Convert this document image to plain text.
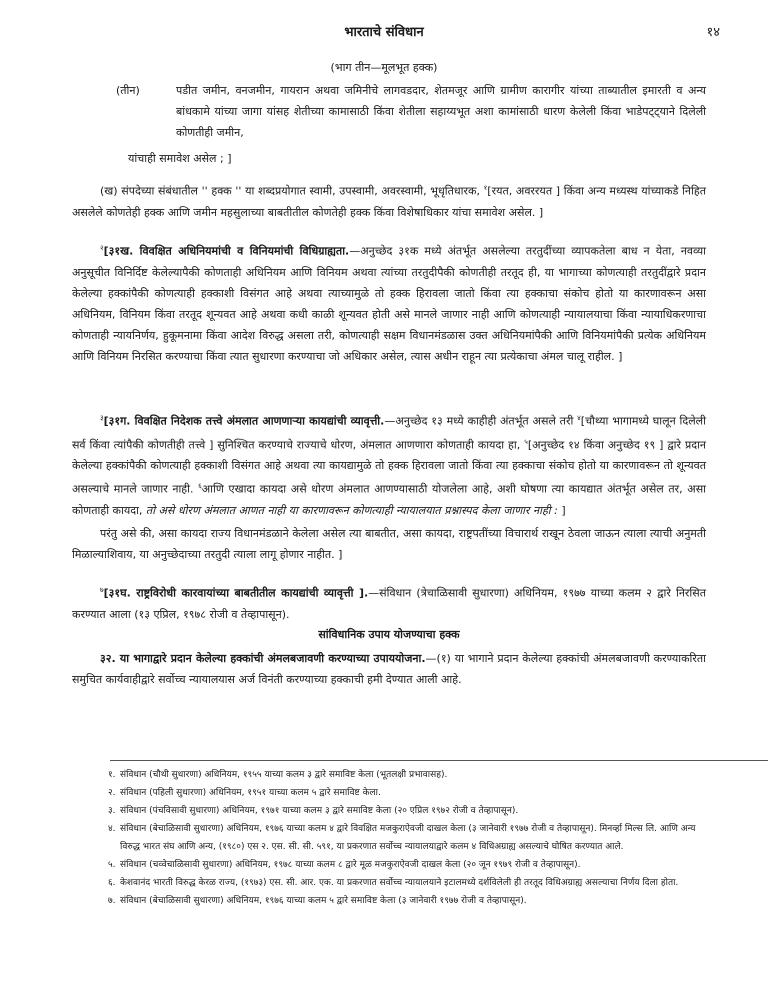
भारताचे संविधान	१४
(भाग तीन—मूलभूत हक्क)
(तीन)	पडीत जमीन, वनजमीन, गायरान अथवा जमिनीचे लागवडदार, शेतमजूर आणि ग्रामीण कारागीर यांच्या ताब्यातील इमारती व अन्य बांधकामे यांच्या जागा यांसह शेतीच्या कामासाठी किंवा शेतीला सहाय्यभूत अशा कामांसाठी धारण केलेली किंवा भाडेपट्ट्याने दिलेली कोणतीही जमीन,

यांचाही समावेश असेल ; ]

(ख) संपदेच्या संबंधातील '' हक्क '' या शब्दप्रयोगात स्वामी, उपस्वामी, अवरस्वामी, भूधृतिधारक, $^१$[रयत, अवररयत ] किंवा अन्य मध्यस्थ यांच्याकडे निहित असलेले कोणतेही हक्क आणि जमीन महसुलाच्या बाबतीतील कोणतेही हक्क किंवा विशेषाधिकार यांचा समावेश असेल. ]

$^२$[३१ख. विवक्षित अधिनियमांची व विनियमांची विधिग्राह्यता.—अनुच्छेद ३१क मध्ये अंतर्भूत असलेल्या तरतुदींच्या व्यापकतेला बाध न येता, नवव्या अनुसूचीत विनिर्दिष्ट केलेल्यापैकी कोणताही अधिनियम आणि विनियम अथवा त्यांच्या तरतुदीपैकी कोणतीही तरतूद ही, या भागाच्या कोणत्याही तरतुदींद्वारे प्रदान केलेल्या हक्कांपैकी कोणत्याही हक्काशी विसंगत आहे अथवा त्याच्यामुळे तो हक्क हिरावला जातो किंवा त्या हक्काचा संकोच होतो या कारणावरून असा अधिनियम, विनियम किंवा तरतूद शून्यवत आहे अथवा कधी काळी शून्यवत होती असे मानले जाणार नाही आणि कोणत्याही न्यायालयाचा किंवा न्यायाधिकरणाचा कोणताही न्यायनिर्णय, हुकूमनामा किंवा आदेश विरुद्ध असला तरी, कोणत्याही सक्षम विधानमंडळास उक्त अधिनियमांपैकी आणि विनियमांपैकी प्रत्येक अधिनियम आणि विनियम निरसित करण्याचा किंवा त्यात सुधारणा करण्याचा जो अधिकार असेल, त्यास अधीन राहून त्या प्रत्येकाचा अंमल चालू राहील. ]

$^३$[३१ग. विवक्षित निदेशक तत्त्वे अंमलात आणणाऱ्या कायद्यांची व्यावृत्ती.—अनुच्छेद १३ मध्ये काहीही अंतर्भूत असले तरी $^४$[चौथ्या भागामध्ये घालून दिलेली सर्व किंवा त्यांपैकी कोणतीही तत्त्वे ] सुनिश्चित करण्याचे राज्याचे धोरण, अंमलात आणणारा कोणताही कायदा हा, $^५$[अनुच्छेद १४ किंवा अनुच्छेद १९ ] द्वारे प्रदान केलेल्या हक्कांपैकी कोणत्याही हक्काशी विसंगत आहे अथवा त्या कायद्यामुळे तो हक्क हिरावला जातो किंवा त्या हक्काचा संकोच होतो या कारणावरून तो शून्यवत असल्याचे मानले जाणार नाही. $^६$आणि एखादा कायदा असे धोरण अंमलात आणण्यासाठी योजलेला आहे, अशी घोषणा त्या कायद्यात अंतर्भूत असेल तर, असा कोणताही कायदा, तो असे धोरण अंमलात आणत नाही या कारणावरून कोणत्याही न्यायालयात प्रश्नास्पद केला जाणार नाही : ]

परंतु असे की, असा कायदा राज्य विधानमंडळाने केलेला असेल त्या बाबतीत, असा कायदा, राष्ट्रपतींच्या विचारार्थ राखून ठेवला जाऊन त्याला त्याची अनुमती मिळाल्याशिवाय, या अनुच्छेदाच्या तरतुदी त्याला लागू होणार नाहीत. ]

$^७$[३१घ. राष्ट्रविरोधी कारवायांच्या बाबतीतील कायद्यांची व्यावृत्ती ].—संविधान (त्रेचाळिसावी सुधारणा) अधिनियम, १९७७ याच्या कलम २ द्वारे निरसित करण्यात आला (१३ एप्रिल, १९७८ रोजी व तेव्हापासून).

सांविधानिक उपाय योजण्याचा हक्क

३२. या भागाद्वारे प्रदान केलेल्या हक्कांची अंमलबजावणी करण्याच्या उपाययोजना.—(१) या भागाने प्रदान केलेल्या हक्कांची अंमलबजावणी करण्याकरिता समुचित कार्यवाहीद्वारे सर्वोच्च न्यायालयास अर्ज विनंती करण्याच्या हक्काची हमी देण्यात आली आहे.

१. संविधान (चौथी सुधारणा) अधिनियम, १९५५ याच्या कलम ३ द्वारे समाविष्ट केला (भूतलक्षी प्रभावासह).

२. संविधान (पहिली सुधारणा) अधिनियम, १९५१ याच्या कलम ५ द्वारे समाविष्ट केला.

३. संविधान (पंचविसावी सुधारणा) अधिनियम, १९७१ याच्या कलम ३ द्वारे समाविष्ट केला (२० एप्रिल १९७२ रोजी व तेव्हापासून).

४. संविधान (बेचाळिसावी सुधारणा) अधिनियम, १९७६ याच्या कलम ४ द्वारे विवक्षित मजकुराऐवजी दाखल केला (३ जानेवारी १९७७ रोजी व तेव्हापासून). मिनर्व्हा मिल्स लि. आणि अन्य विरुद्ध भारत संघ आणि अन्य, (१९८०) एस २. एस. सी. सी. ५९१, या प्रकरणात सर्वोच्च न्यायालयाद्वारे कलम ४ विधिअग्राह्य असल्याचे घोषित करण्यात आले.

५. संविधान (चव्वेचाळिसावी सुधारणा) अधिनियम, १९७८ याच्या कलम ८ द्वारे मूळ मजकुराऐवजी दाखल केला (२० जून १९७९ रोजी व तेव्हापासून).

६. केशवानंद भारती विरुद्ध केरळ राज्य, (१९७३) एस. सी. आर. एक. या प्रकरणात सर्वोच्च न्यायालयाने इटालमध्ये दर्शविलेली ही तरतूद विधिअग्राह्य असल्याचा निर्णय दिला होता.

७. संविधान (बेचाळिसावी सुधारणा) अधिनियम, १९७६ याच्या कलम ५ द्वारे समाविष्ट केला (३ जानेवारी १९७७ रोजी व तेव्हापासून).
